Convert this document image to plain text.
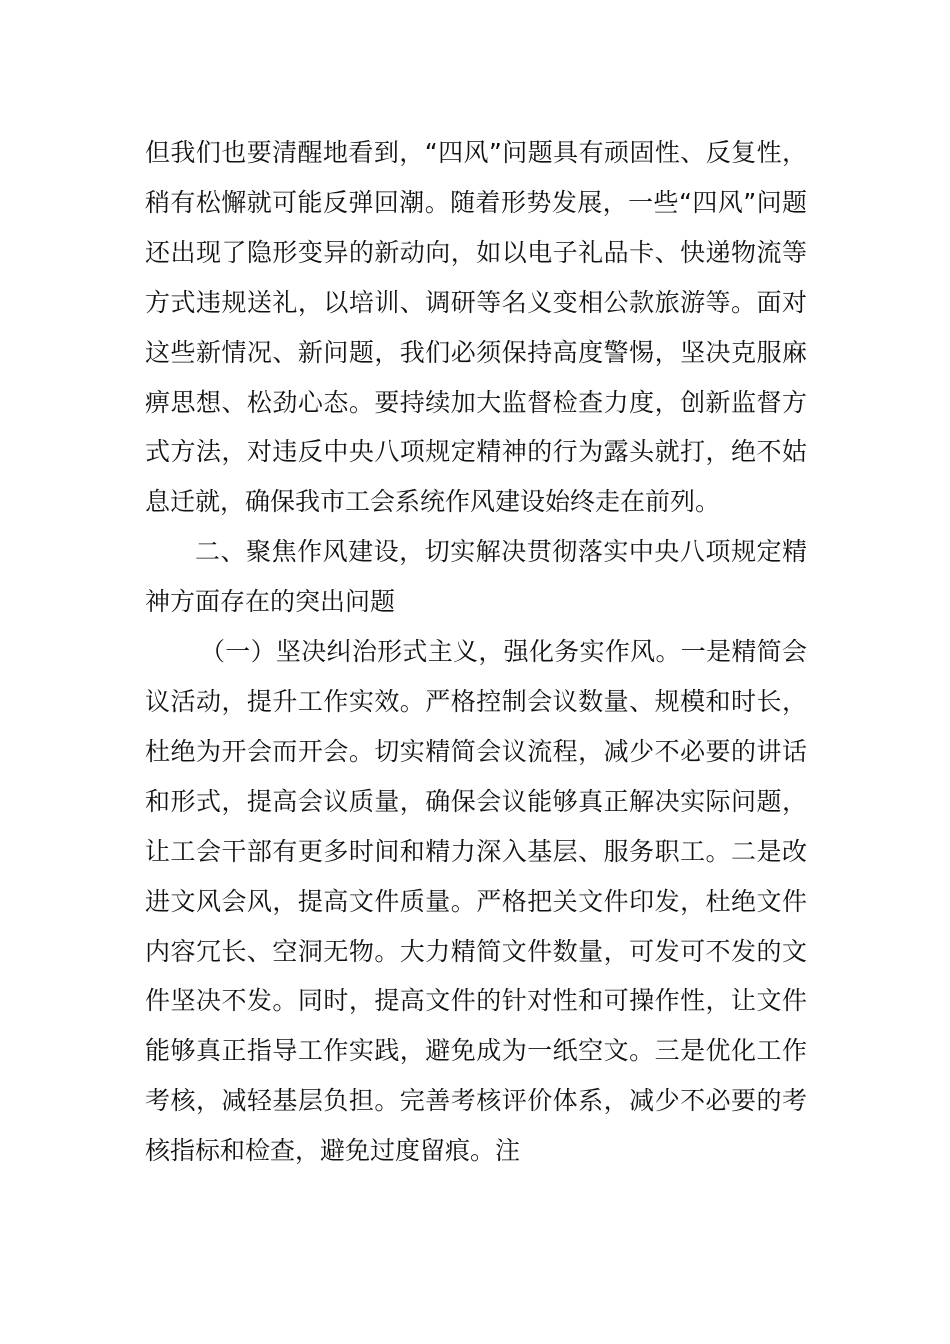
但我们也要清醒地看到，“四风”问题具有顽固性、反复性，稍有松懈就可能反弹回潮。随着形势发展，一些“四风”问题还出现了隐形变异的新动向，如以电子礼品卡、快递物流等方式违规送礼，以培训、调研等名义变相公款旅游等。面对这些新情况、新问题，我们必须保持高度警惕，坚决克服麻痹思想、松劲心态。要持续加大监督检查力度，创新监督方式方法，对违反中央八项规定精神的行为露头就打，绝不姑息迁就，确保我市工会系统作风建设始终走在前列。

二、聚焦作风建设，切实解决贯彻落实中央八项规定精神方面存在的突出问题

（一）坚决纠治形式主义，强化务实作风。一是精简会议活动，提升工作实效。严格控制会议数量、规模和时长，杜绝为开会而开会。切实精简会议流程，减少不必要的讲话和形式，提高会议质量，确保会议能够真正解决实际问题，让工会干部有更多时间和精力深入基层、服务职工。二是改进文风会风，提高文件质量。严格把关文件印发，杜绝文件内容冗长、空洞无物。大力精简文件数量，可发可不发的文件坚决不发。同时，提高文件的针对性和可操作性，让文件能够真正指导工作实践，避免成为一纸空文。三是优化工作考核，减轻基层负担。完善考核评价体系，减少不必要的考核指标和检查，避免过度留痕。注
